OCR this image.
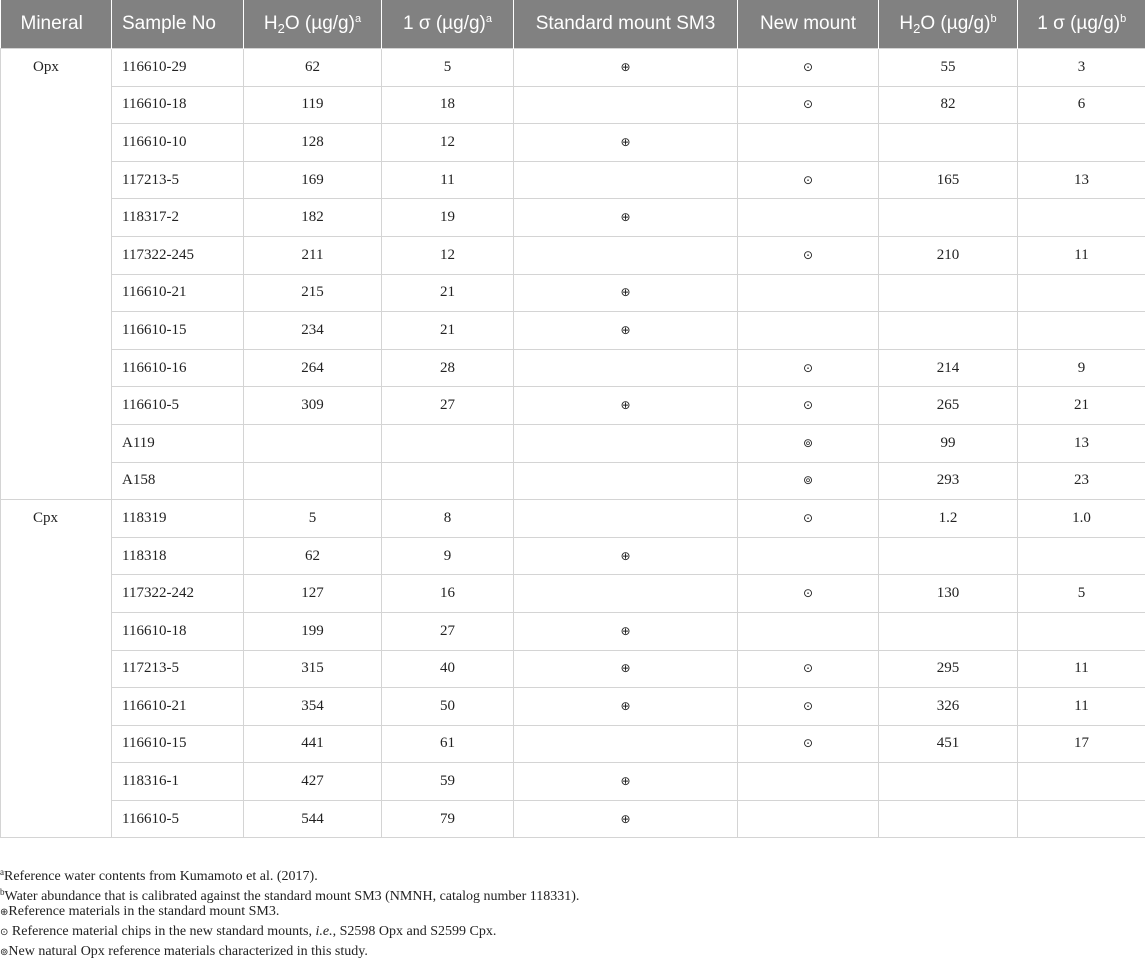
Mineral	Sample No	$H_2O$ $(\mu g/g)^a$	1 σ $(\mu g/g)^a$	Standard mount SM3	New mount	$H_2O$ $(\mu g/g)^b$	1 σ $(\mu g/g)^b$
Opx	116610-29	62	5	⊕	⊙	55	3
	116610-18	119	18		⊙	82	6
	116610-10	128	12	⊕			
	117213-5	169	11		⊙	165	13
	118317-2	182	19	⊕			
	117322-245	211	12		⊙	210	11
	116610-21	215	21	⊕			
	116610-15	234	21	⊕			
	116610-16	264	28		⊙	214	9
	116610-5	309	27	⊕	⊙	265	21
	A119				⊚	99	13
	A158				⊚	293	23
Cpx	118319	5	8		⊙	1.2	1.0
	118318	62	9	⊕			
	117322-242	127	16		⊙	130	5
	116610-18	199	27	⊕			
	117213-5	315	40	⊕	⊙	295	11
	116610-21	354	50	⊕	⊙	326	11
	116610-15	441	61		⊙	451	17
	118316-1	427	59	⊕			
	116610-5	544	79	⊕			
$^a$Reference water contents from Kumamoto et al. (2017).
$^b$Water abundance that is calibrated against the standard mount SM3 (NMNH, catalog number 118331).
⊕Reference materials in the standard mount SM3.
⊙ Reference material chips in the new standard mounts, i.e., S2598 Opx and S2599 Cpx.
⊚New natural Opx reference materials characterized in this study.
